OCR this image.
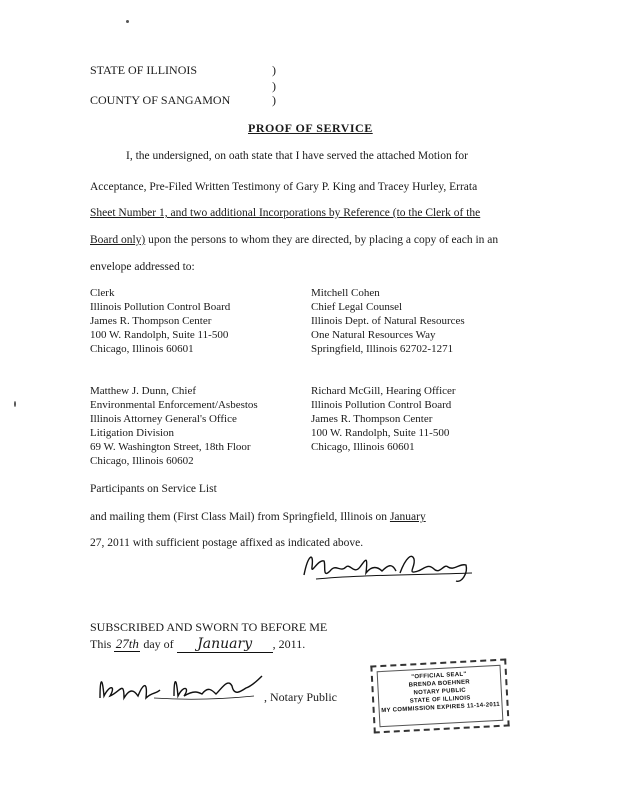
STATE OF ILLINOIS	)
)
COUNTY OF SANGAMON	)
PROOF OF SERVICE
I, the undersigned, on oath state that I have served the attached Motion for
Acceptance, Pre-Filed Written Testimony of Gary P. King and Tracey Hurley, Errata
Sheet Number 1, and two additional Incorporations by Reference (to the Clerk of the
Board only) upon the persons to whom they are directed, by placing a copy of each in an
envelope addressed to:
Clerk
Illinois Pollution Control Board
James R. Thompson Center
100 W. Randolph, Suite 11-500
Chicago, Illinois 60601
Mitchell Cohen
Chief Legal Counsel
Illinois Dept. of Natural Resources
One Natural Resources Way
Springfield, Illinois 62702-1271
Matthew J. Dunn, Chief
Environmental Enforcement/Asbestos
Illinois Attorney General's Office
Litigation Division
69 W. Washington Street, 18th Floor
Chicago, Illinois 60602
Richard McGill, Hearing Officer
Illinois Pollution Control Board
James R. Thompson Center
100 W. Randolph, Suite 11-500
Chicago, Illinois 60601
Participants on Service List
and mailing them (First Class Mail) from Springfield, Illinois on January
27, 2011 with sufficient postage affixed as indicated above.
SUBSCRIBED AND SWORN TO BEFORE ME
This 27th day of January , 2011.
, Notary Public
"OFFICIAL SEAL"
BRENDA BOEHNER
NOTARY PUBLIC
STATE OF ILLINOIS
MY COMMISSION EXPIRES 11-14-2011
